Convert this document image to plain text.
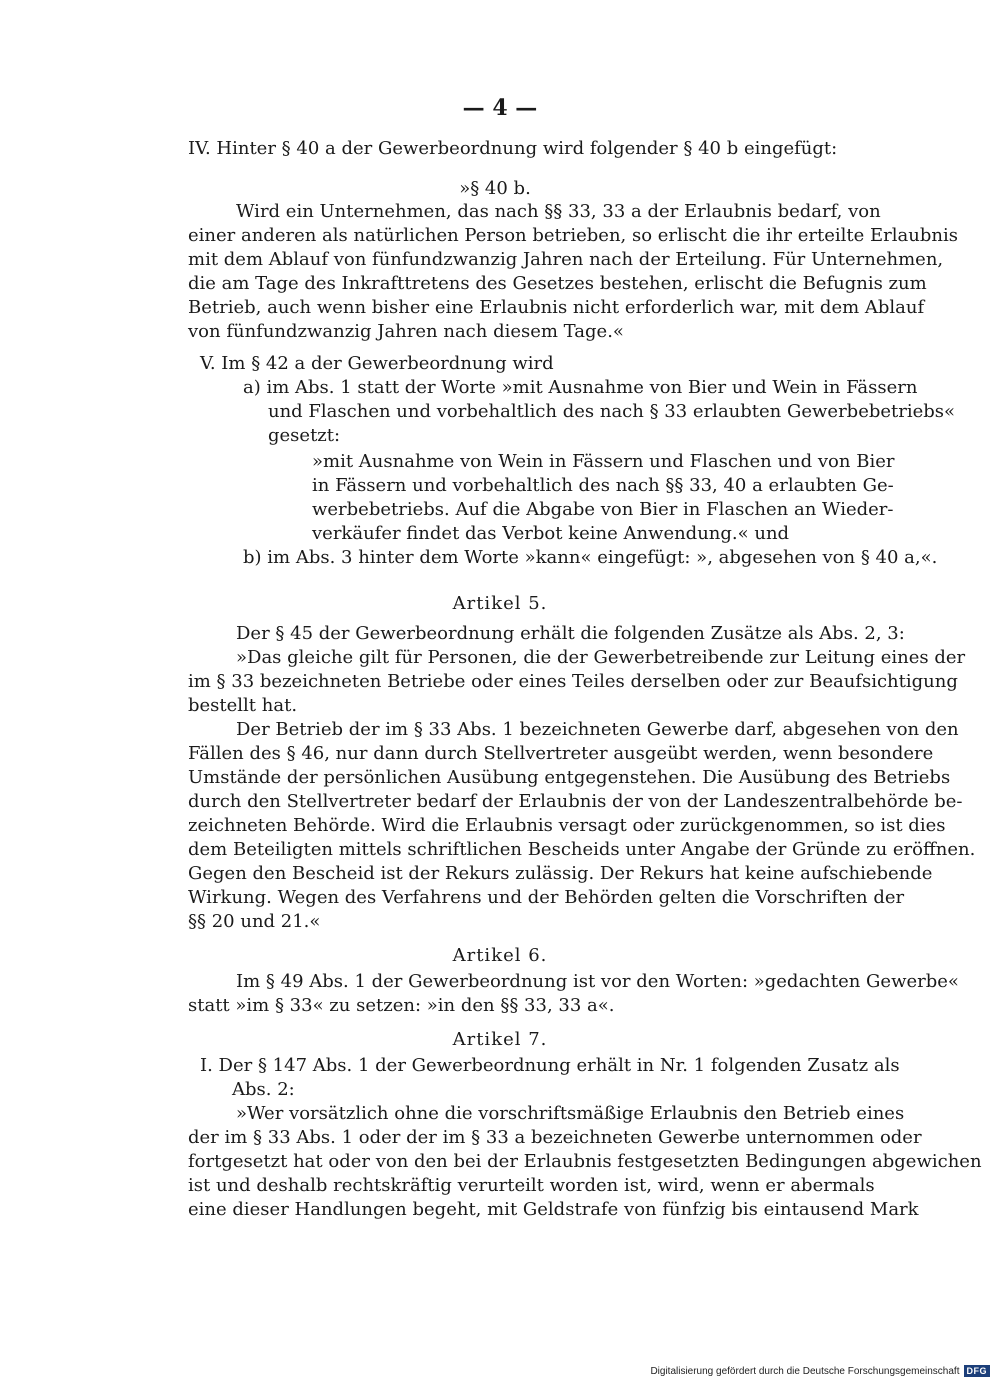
— 4 —
IV. Hinter § 40 a der Gewerbeordnung wird folgender § 40 b eingefügt:
»§ 40 b.
Wird ein Unternehmen, das nach §§ 33, 33 a der Erlaubnis bedarf, von
einer anderen als natürlichen Person betrieben, so erlischt die ihr erteilte Erlaubnis
mit dem Ablauf von fünfundzwanzig Jahren nach der Erteilung. Für Unternehmen,
die am Tage des Inkrafttretens des Gesetzes bestehen, erlischt die Befugnis zum
Betrieb, auch wenn bisher eine Erlaubnis nicht erforderlich war, mit dem Ablauf
von fünfundzwanzig Jahren nach diesem Tage.«
V. Im § 42 a der Gewerbeordnung wird
a) im Abs. 1 statt der Worte »mit Ausnahme von Bier und Wein in Fässern
und Flaschen und vorbehaltlich des nach § 33 erlaubten Gewerbebetriebs«
gesetzt:
»mit Ausnahme von Wein in Fässern und Flaschen und von Bier
in Fässern und vorbehaltlich des nach §§ 33, 40 a erlaubten Ge-
werbebetriebs. Auf die Abgabe von Bier in Flaschen an Wieder-
verkäufer findet das Verbot keine Anwendung.« und
b) im Abs. 3 hinter dem Worte »kann« eingefügt: », abgesehen von § 40 a,«.
Artikel 5.
Der § 45 der Gewerbeordnung erhält die folgenden Zusätze als Abs. 2, 3:
»Das gleiche gilt für Personen, die der Gewerbetreibende zur Leitung eines der
im § 33 bezeichneten Betriebe oder eines Teiles derselben oder zur Beaufsichtigung
bestellt hat.
Der Betrieb der im § 33 Abs. 1 bezeichneten Gewerbe darf, abgesehen von den
Fällen des § 46, nur dann durch Stellvertreter ausgeübt werden, wenn besondere
Umstände der persönlichen Ausübung entgegenstehen. Die Ausübung des Betriebs
durch den Stellvertreter bedarf der Erlaubnis der von der Landeszentralbehörde be-
zeichneten Behörde. Wird die Erlaubnis versagt oder zurückgenommen, so ist dies
dem Beteiligten mittels schriftlichen Bescheids unter Angabe der Gründe zu eröffnen.
Gegen den Bescheid ist der Rekurs zulässig. Der Rekurs hat keine aufschiebende
Wirkung. Wegen des Verfahrens und der Behörden gelten die Vorschriften der
§§ 20 und 21.«
Artikel 6.
Im § 49 Abs. 1 der Gewerbeordnung ist vor den Worten: »gedachten Gewerbe«
statt »im § 33« zu setzen: »in den §§ 33, 33 a«.
Artikel 7.
I. Der § 147 Abs. 1 der Gewerbeordnung erhält in Nr. 1 folgenden Zusatz als
Abs. 2:
»Wer vorsätzlich ohne die vorschriftsmäßige Erlaubnis den Betrieb eines
der im § 33 Abs. 1 oder der im § 33 a bezeichneten Gewerbe unternommen oder
fortgesetzt hat oder von den bei der Erlaubnis festgesetzten Bedingungen abgewichen
ist und deshalb rechtskräftig verurteilt worden ist, wird, wenn er abermals
eine dieser Handlungen begeht, mit Geldstrafe von fünfzig bis eintausend Mark
Digitalisierung gefördert durch die Deutsche Forschungsgemeinschaft DFG
